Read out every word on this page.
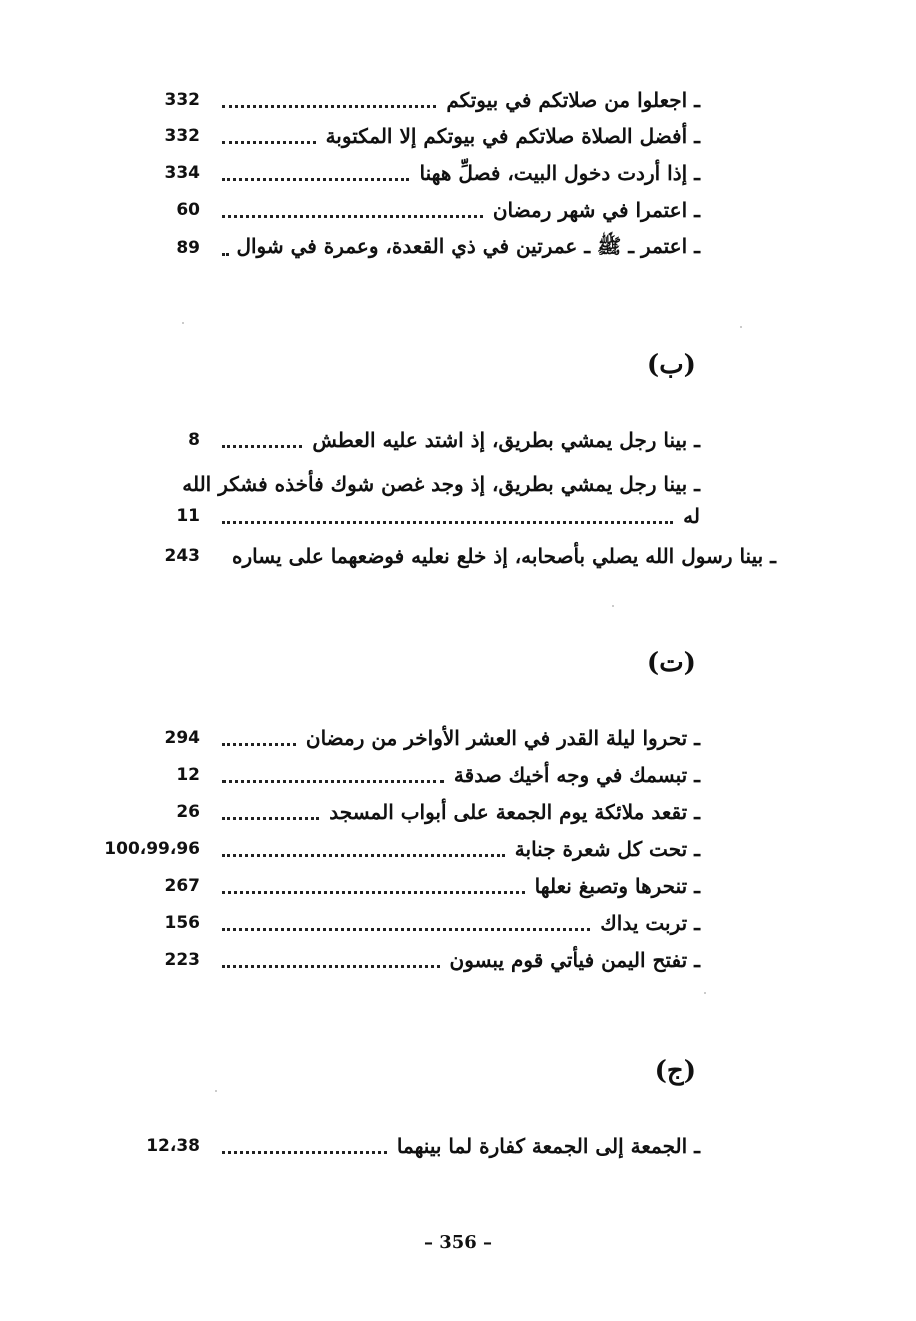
332	ـ اجعلوا من صلاتكم في بيوتكم
332	ـ أفضل الصلاة صلاتكم في بيوتكم إلا المكتوبة
334	ـ إذا أردت دخول البيت، فصلِّ ههنا
60	ـ اعتمرا في شهر رمضان
89 ـ اعتمر ـ ﷺ ـ عمرتين في ذي القعدة، وعمرة في شوال
(ب)
8	ـ بينا رجل يمشي بطريق، إذ اشتد عليه العطش
ـ بينا رجل يمشي بطريق، إذ وجد غصن شوك فأخذه فشكر الله
11	له
243 ـ بينا رسول الله يصلي بأصحابه، إذ خلع نعليه فوضعهما على يساره
(ت)
294	ـ تحروا ليلة القدر في العشر الأواخر من رمضان
12	ـ تبسمك في وجه أخيك صدقة
26	ـ تقعد ملائكة يوم الجمعة على أبواب المسجد
100،99،96	ـ تحت كل شعرة جنابة
267	ـ تنحرها وتصبغ نعلها
156	ـ تربت يداك
223	ـ تفتح اليمن فيأتي قوم يبسون
(ج)
12،38	ـ الجمعة إلى الجمعة كفارة لما بينهما
– 356 –
